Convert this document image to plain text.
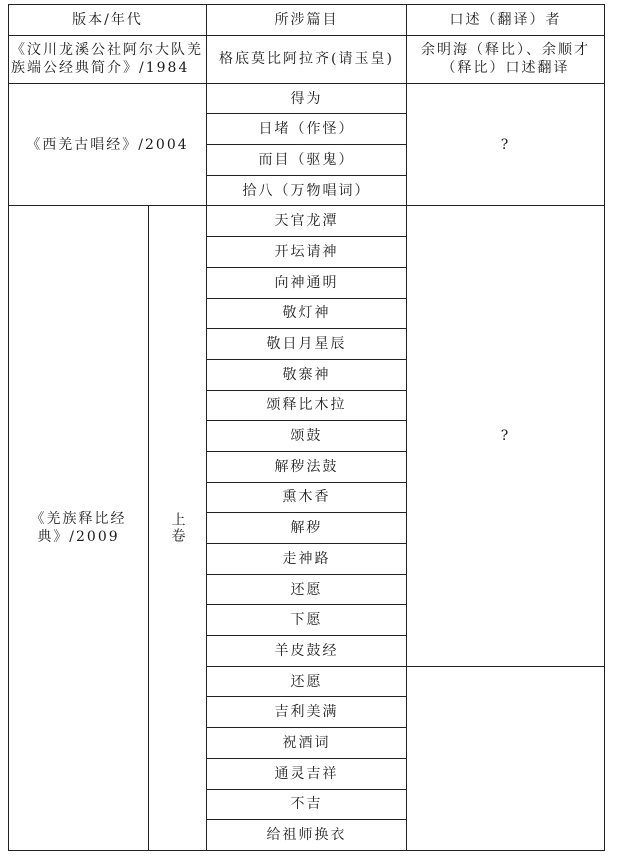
版本/年代		所涉篇目	口述（翻译）者
《汶川龙溪公社阿尔大队羌族端公经典简介》/1984		格底莫比阿拉齐(请玉皇)	余明海（释比）、余顺才（释比）口述翻译
《西羌古唱经》/2004		得为	?
		日堵（作怪）	
		而目（驱鬼）	
		拾八（万物唱词）	
《羌族释比经典》/2009	上卷	天官龙潭	?
		开坛请神	
		向神通明	
		敬灯神	
		敬日月星辰	
		敬寨神	
		颂释比木拉	
		颂鼓	
		解秽法鼓	
		熏木香	
		解秽	
		走神路	
		还愿	
		下愿	
		羊皮鼓经	
		还愿	
		吉利美满	
		祝酒词	
		通灵吉祥	
		不吉	
		给祖师换衣	
